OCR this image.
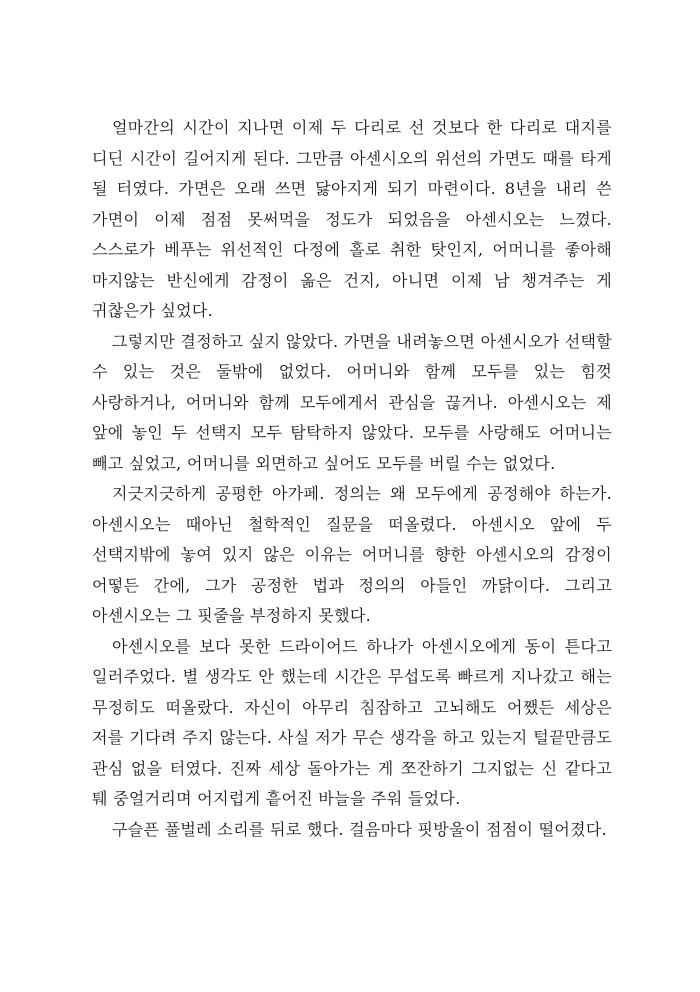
얼마간의 시간이 지나면 이제 두 다리로 선 것보다 한 다리로 대지를 디딘 시간이 길어지게 된다. 그만큼 아센시오의 위선의 가면도 때를 타게 될 터였다. 가면은 오래 쓰면 닳아지게 되기 마련이다. 8년을 내리 쓴 가면이 이제 점점 못써먹을 정도가 되었음을 아센시오는 느꼈다. 스스로가 베푸는 위선적인 다정에 홀로 취한 탓인지, 어머니를 좋아해 마지않는 반신에게 감정이 옮은 건지, 아니면 이제 남 챙겨주는 게 귀찮은가 싶었다.

그렇지만 결정하고 싶지 않았다. 가면을 내려놓으면 아센시오가 선택할 수 있는 것은 둘밖에 없었다. 어머니와 함께 모두를 있는 힘껏 사랑하거나, 어머니와 함께 모두에게서 관심을 끊거나. 아센시오는 제 앞에 놓인 두 선택지 모두 탐탁하지 않았다. 모두를 사랑해도 어머니는 빼고 싶었고, 어머니를 외면하고 싶어도 모두를 버릴 수는 없었다.

지긋지긋하게 공평한 아가페. 정의는 왜 모두에게 공정해야 하는가. 아센시오는 때아닌 철학적인 질문을 떠올렸다. 아센시오 앞에 두 선택지밖에 놓여 있지 않은 이유는 어머니를 향한 아센시오의 감정이 어떻든 간에, 그가 공정한 법과 정의의 아들인 까닭이다. 그리고 아센시오는 그 핏줄을 부정하지 못했다.

아센시오를 보다 못한 드라이어드 하나가 아센시오에게 동이 튼다고 일러주었다. 별 생각도 안 했는데 시간은 무섭도록 빠르게 지나갔고 해는 무정히도 떠올랐다. 자신이 아무리 침잠하고 고뇌해도 어쨌든 세상은 저를 기다려 주지 않는다. 사실 저가 무슨 생각을 하고 있는지 털끝만큼도 관심 없을 터였다. 진짜 세상 돌아가는 게 쪼잔하기 그지없는 신 같다고 퉤 중얼거리며 어지럽게 흩어진 바늘을 주워 들었다.

구슬픈 풀벌레 소리를 뒤로 했다. 걸음마다 핏방울이 점점이 떨어졌다.
